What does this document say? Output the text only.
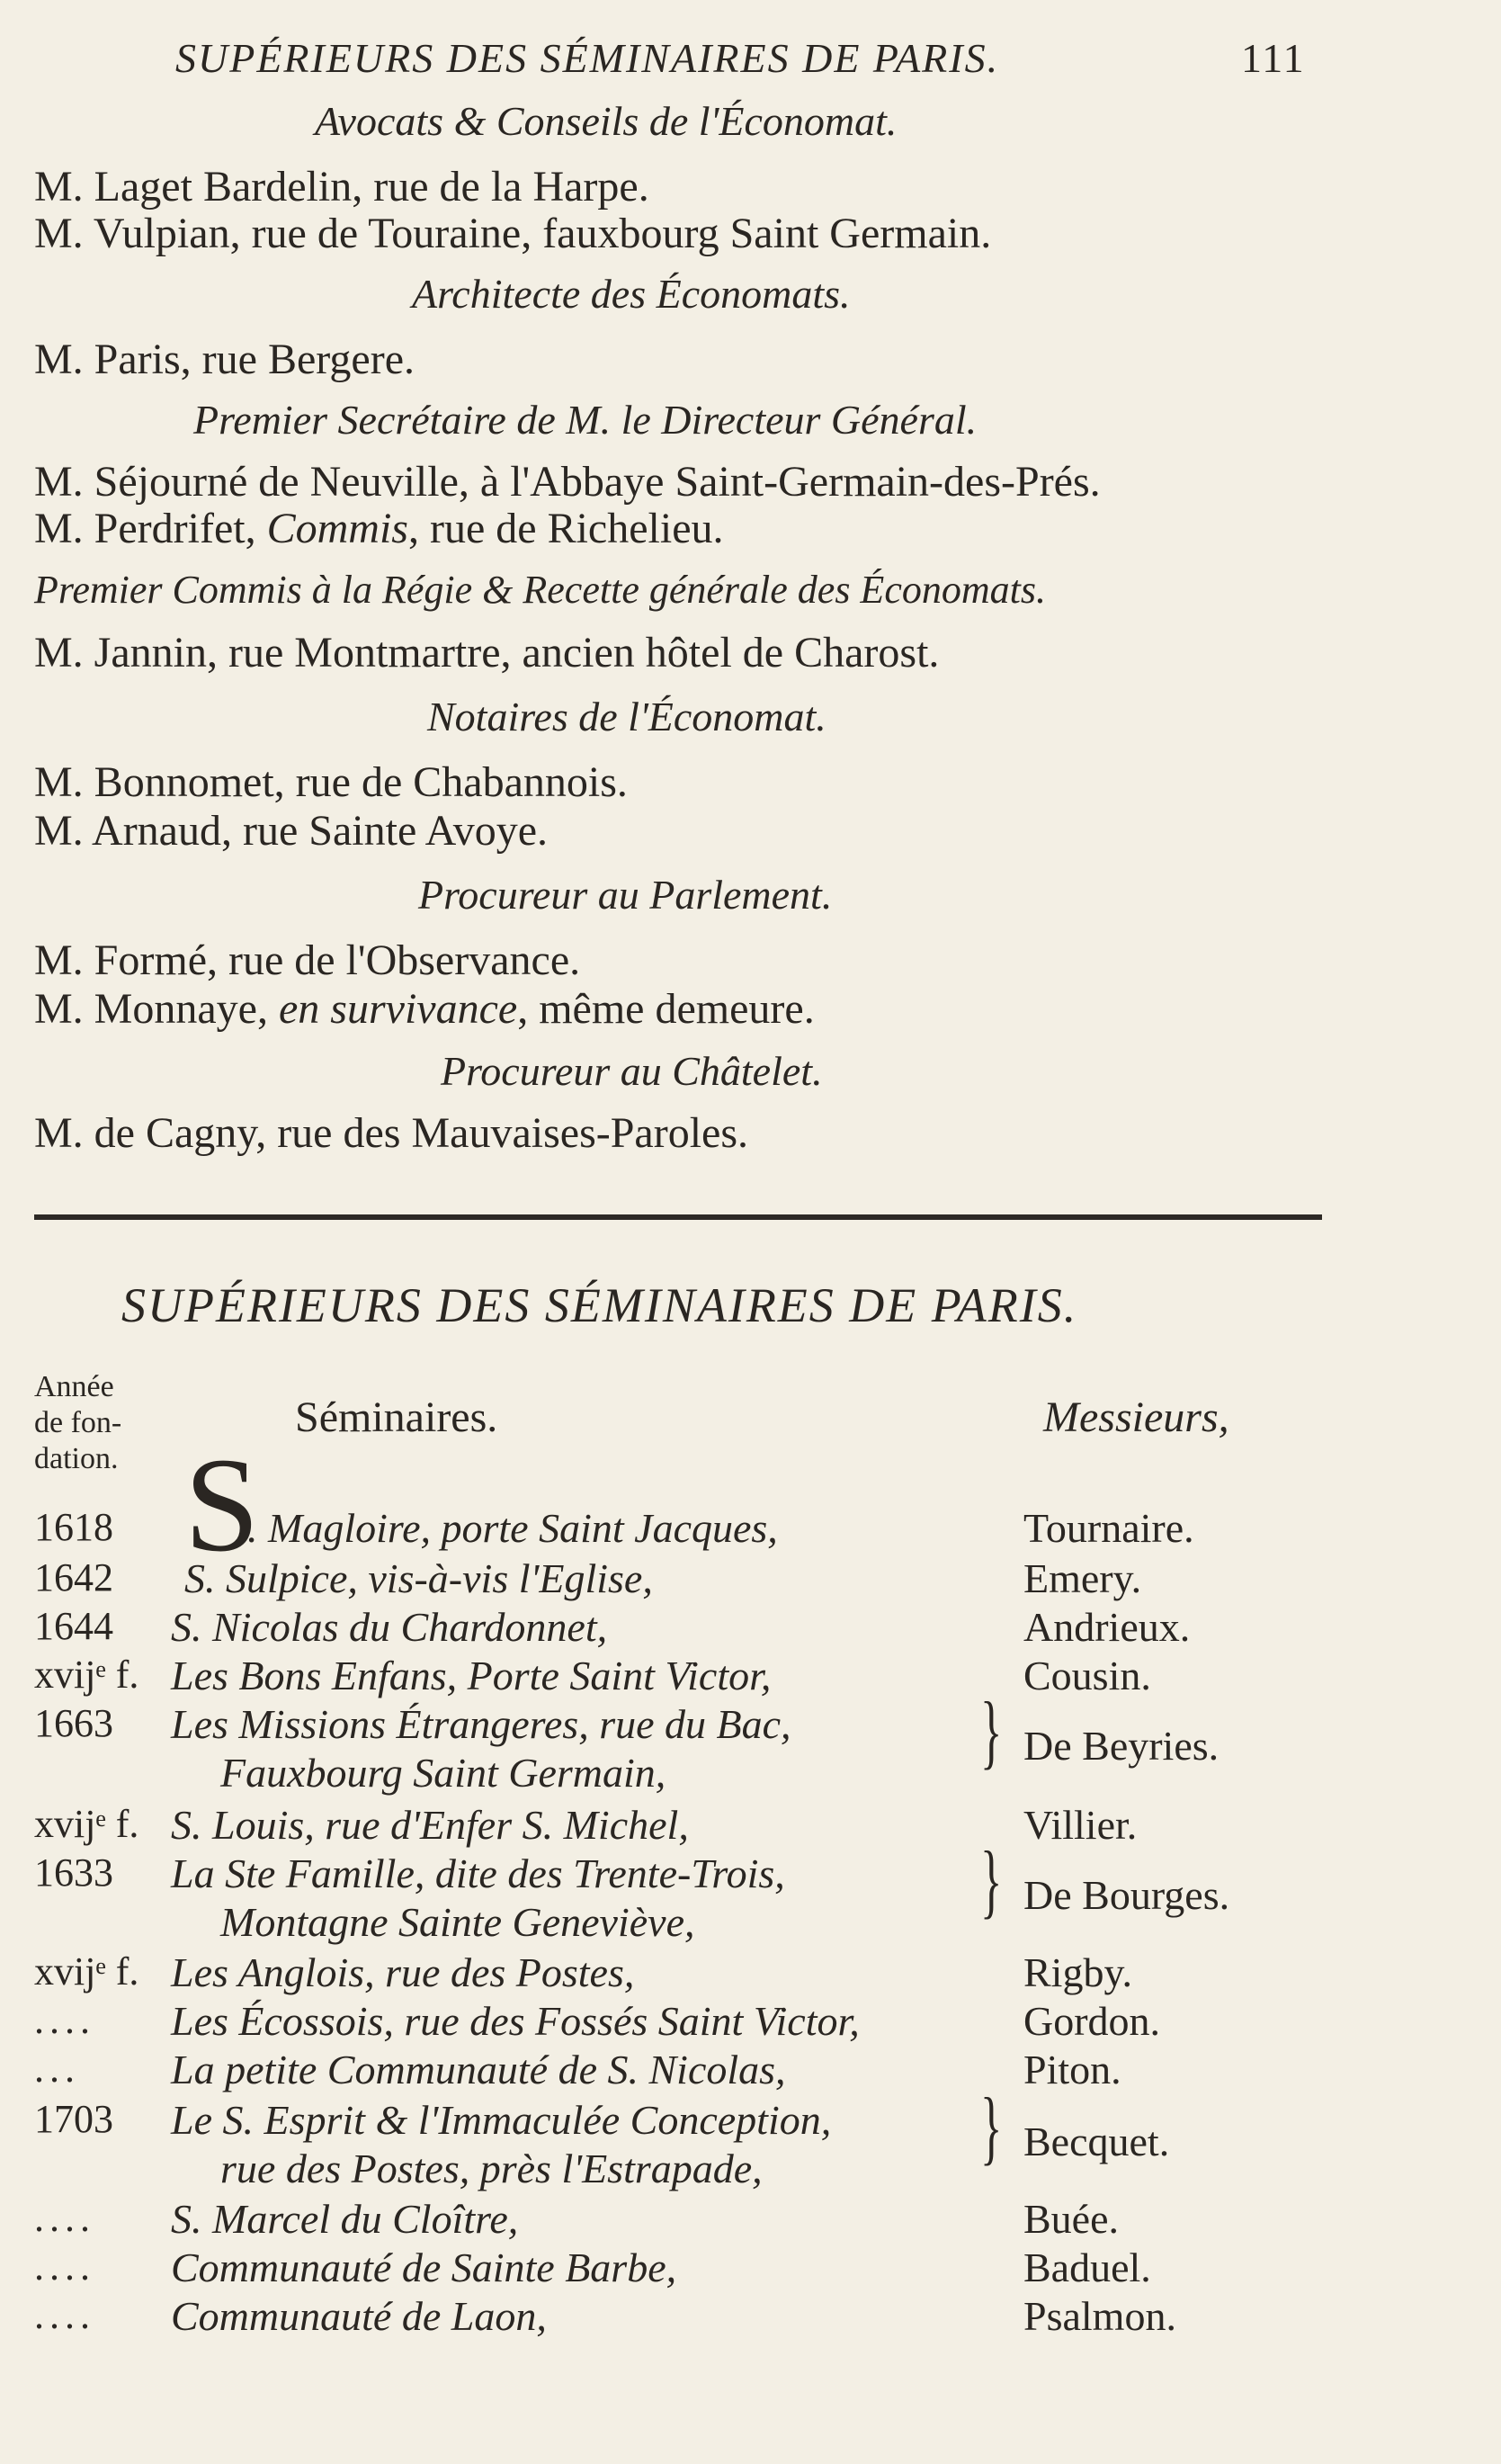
SUPÉRIEURS DES SÉMINAIRES DE PARIS.	111
Avocats & Conseils de l'Économat.
M. Laget Bardelin, rue de la Harpe.
M. Vulpian, rue de Touraine, fauxbourg Saint Germain.
Architecte des Économats.
M. Paris, rue Bergere.
Premier Secrétaire de M. le Directeur Général.
M. Séjourné de Neuville, à l'Abbaye Saint-Germain-des-Prés.
M. Perdrifet, Commis, rue de Richelieu.
Premier Commis à la Régie & Recette générale des Économats.
M. Jannin, rue Montmartre, ancien hôtel de Charost.
Notaires de l'Économat.
M. Bonnomet, rue de Chabannois.
M. Arnaud, rue Sainte Avoye.
Procureur au Parlement.
M. Formé, rue de l'Observance.
M. Monnaye, en survivance, même demeure.
Procureur au Châtelet.
M. de Cagny, rue des Mauvaises-Paroles.
SUPÉRIEURS DES SÉMINAIRES DE PARIS.
Année
de fon-
dation.
Séminaires.	Messieurs,
S
1618	. Magloire, porte Saint Jacques,	Tournaire.
1642 S. Sulpice, vis-à-vis l'Eglise,	Emery.
1644 S. Nicolas du Chardonnet,	Andrieux.
xvijᵉ f. Les Bons Enfans, Porte Saint Victor,	Cousin.
1663 Les Missions Étrangeres, rue du Bac,
Fauxbourg Saint Germain,	} De Beyries.
xvijᵉ f. S. Louis, rue d'Enfer S. Michel,	Villier.
1633 La Ste Famille, dite des Trente-Trois,
Montagne Sainte Geneviève,	} De Bourges.
xvijᵉ f. Les Anglois, rue des Postes,	Rigby.
.... Les Écossois, rue des Fossés Saint Victor,	Gordon.
... La petite Communauté de S. Nicolas,	Piton.
1703 Le S. Esprit & l'Immaculée Conception,
rue des Postes, près l'Estrapade,	} Becquet.
.... S. Marcel du Cloître,	Buée.
.... Communauté de Sainte Barbe,	Baduel.
.... Communauté de Laon,	Psalmon.
